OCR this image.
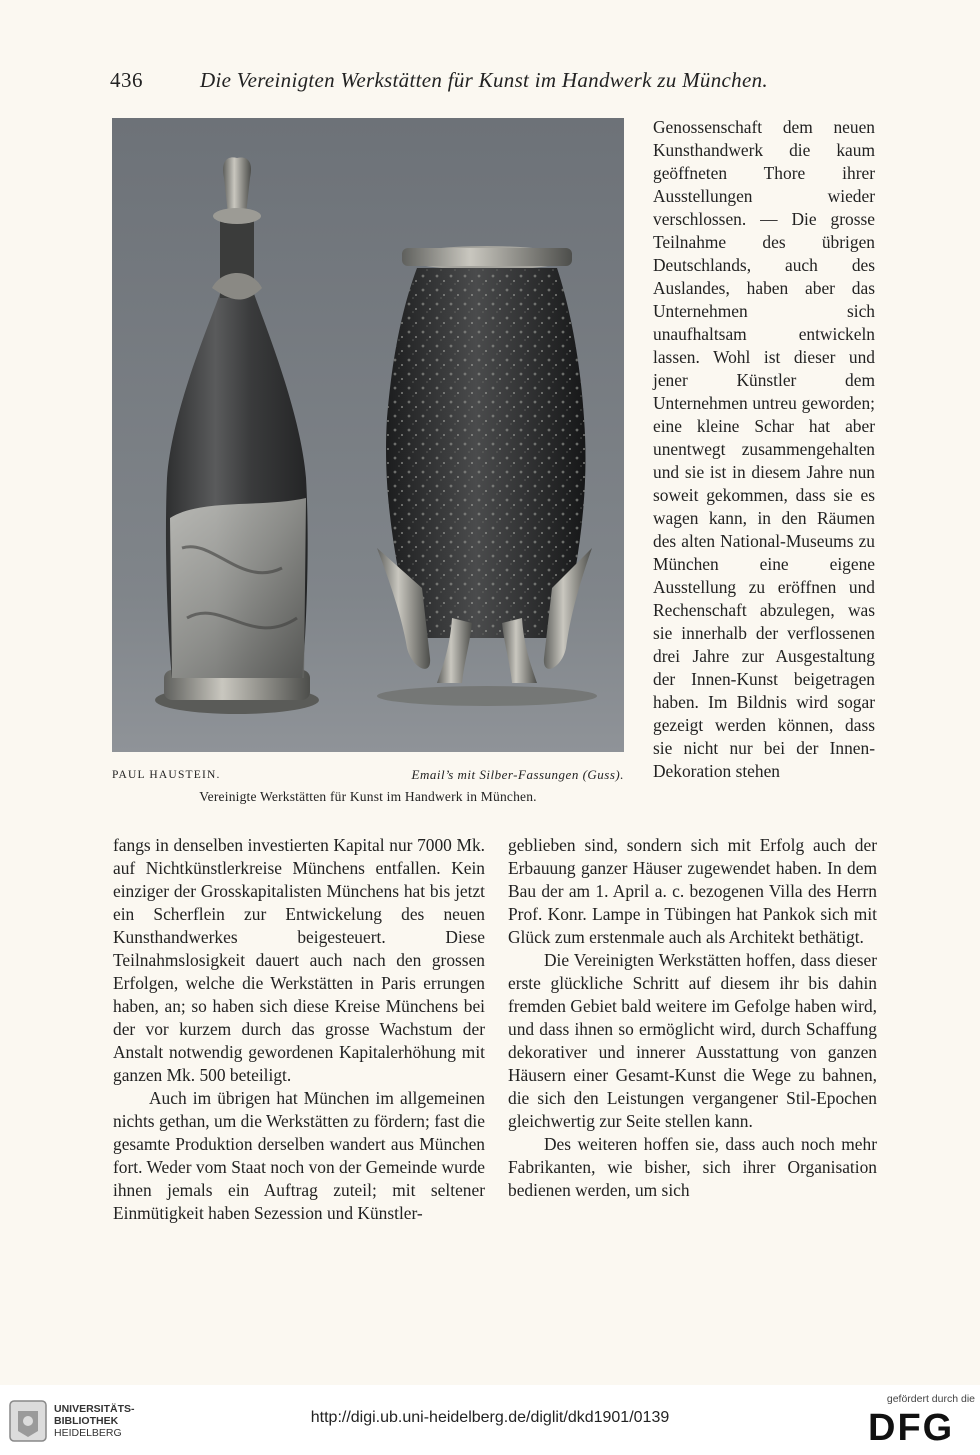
436	Die Vereinigten Werkstätten für Kunst im Handwerk zu München.
PAUL HAUSTEIN.	Email’s mit Silber-Fassungen (Guss).
Vereinigte Werkstätten für Kunst im Handwerk in München.

Genossenschaft dem neuen Kunsthandwerk die kaum geöffneten Thore ihrer Ausstellungen wieder verschlossen. — Die grosse Teilnahme des übrigen Deutschlands, auch des Auslandes, haben aber das Unternehmen sich unaufhaltsam entwickeln lassen. Wohl ist dieser und jener Künstler dem Unternehmen untreu geworden; eine kleine Schar hat aber unentwegt zusammengehalten und sie ist in diesem Jahre nun soweit gekommen, dass sie es wagen kann, in den Räumen des alten National-Museums zu München eine eigene Ausstellung zu eröffnen und Rechenschaft abzulegen, was sie innerhalb der verflossenen drei Jahre zur Ausgestaltung der Innen-Kunst beigetragen haben. Im Bildnis wird sogar gezeigt werden können, dass sie nicht nur bei der Innen-Dekoration stehen

fangs in denselben investierten Kapital nur 7000 Mk. auf Nichtkünstlerkreise Münchens entfallen. Kein einziger der Grosskapitalisten Münchens hat bis jetzt ein Scherflein zur Entwickelung des neuen Kunsthandwerkes beigesteuert. Diese Teilnahmslosigkeit dauert auch nach den grossen Erfolgen, welche die Werkstätten in Paris errungen haben, an; so haben sich diese Kreise Münchens bei der vor kurzem durch das grosse Wachstum der Anstalt notwendig gewordenen Kapitalerhöhung mit ganzen Mk. 500 beteiligt.

Auch im übrigen hat München im allgemeinen nichts gethan, um die Werkstätten zu fördern; fast die gesamte Produktion derselben wandert aus München fort. Weder vom Staat noch von der Gemeinde wurde ihnen jemals ein Auftrag zuteil; mit seltener Einmütigkeit haben Sezession und Künstler-

geblieben sind, sondern sich mit Erfolg auch der Erbauung ganzer Häuser zugewendet haben. In dem Bau der am 1. April a. c. bezogenen Villa des Herrn Prof. Konr. Lampe in Tübingen hat Pankok sich mit Glück zum erstenmale auch als Architekt bethätigt.

Die Vereinigten Werkstätten hoffen, dass dieser erste glückliche Schritt auf diesem ihr bis dahin fremden Gebiet bald weitere im Gefolge haben wird, und dass ihnen so ermöglicht wird, durch Schaffung dekorativer und innerer Ausstattung von ganzen Häusern einer Gesamt-Kunst die Wege zu bahnen, die sich den Leistungen vergangener Stil-Epochen gleichwertig zur Seite stellen kann.

Des weiteren hoffen sie, dass auch noch mehr Fabrikanten, wie bisher, sich ihrer Organisation bedienen werden, um sich

UNIVERSITÄTS-
BIBLIOTHEK
HEIDELBERG
http://digi.ub.uni-heidelberg.de/diglit/dkd1901/0139
gefördert durch die
DFG
